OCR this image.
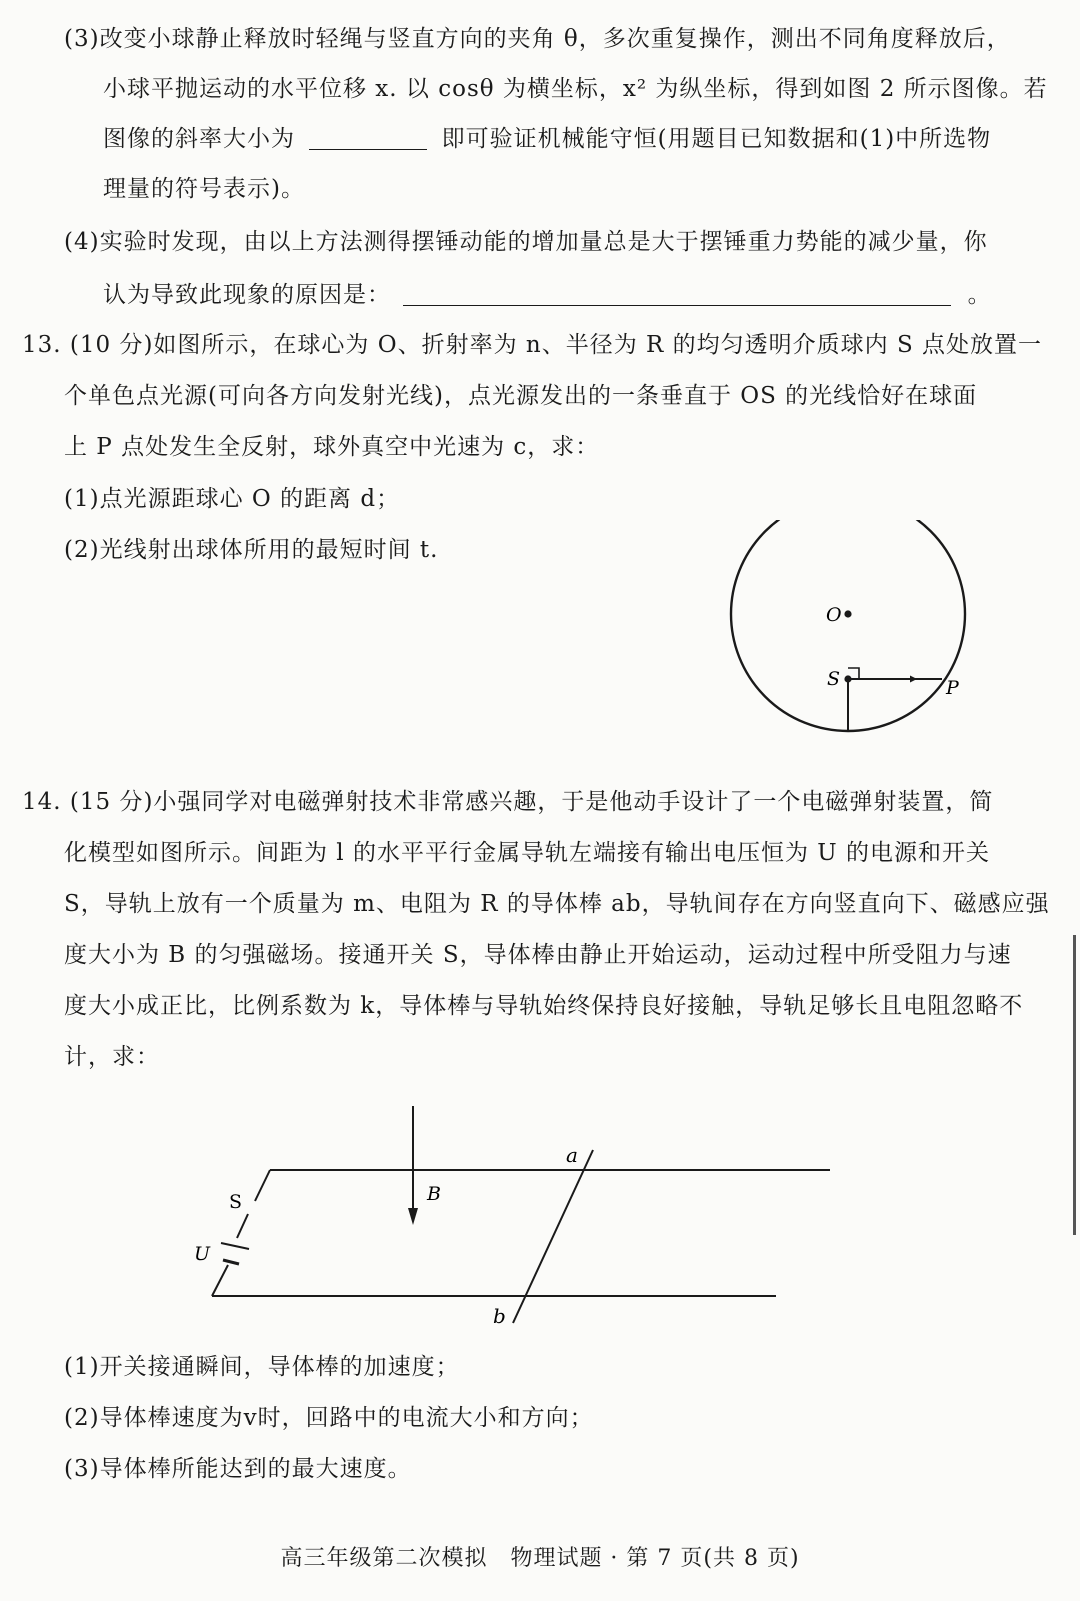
(3)改变小球静止释放时轻绳与竖直方向的夹角 θ，多次重复操作，测出不同角度释放后，
小球平抛运动的水平位移 x. 以 cosθ 为横坐标，x² 为纵坐标，得到如图 2 所示图像。若
图像的斜率大小为	即可验证机械能守恒(用题目已知数据和(1)中所选物
理量的符号表示)。
(4)实验时发现，由以上方法测得摆锤动能的增加量总是大于摆锤重力势能的减少量，你
认为导致此现象的原因是：	。
13. (10 分)如图所示，在球心为 O、折射率为 n、半径为 R 的均匀透明介质球内 S 点处放置一
个单色点光源(可向各方向发射光线)，点光源发出的一条垂直于 OS 的光线恰好在球面
上 P 点处发生全反射，球外真空中光速为 c，求：
(1)点光源距球心 O 的距离 d；
(2)光线射出球体所用的最短时间 t.
O
S	P
14. (15 分)小强同学对电磁弹射技术非常感兴趣，于是他动手设计了一个电磁弹射装置，简
化模型如图所示。间距为 l 的水平平行金属导轨左端接有输出电压恒为 U 的电源和开关
S，导轨上放有一个质量为 m、电阻为 R 的导体棒 ab，导轨间存在方向竖直向下、磁感应强
度大小为 B 的匀强磁场。接通开关 S，导体棒由静止开始运动，运动过程中所受阻力与速
度大小成正比，比例系数为 k，导体棒与导轨始终保持良好接触，导轨足够长且电阻忽略不
计，求：
B
S
U
a
b
(1)开关接通瞬间，导体棒的加速度；
(2)导体棒速度为v时，回路中的电流大小和方向；
(3)导体棒所能达到的最大速度。
高三年级第二次模拟　物理试题 · 第 7 页(共 8 页)
